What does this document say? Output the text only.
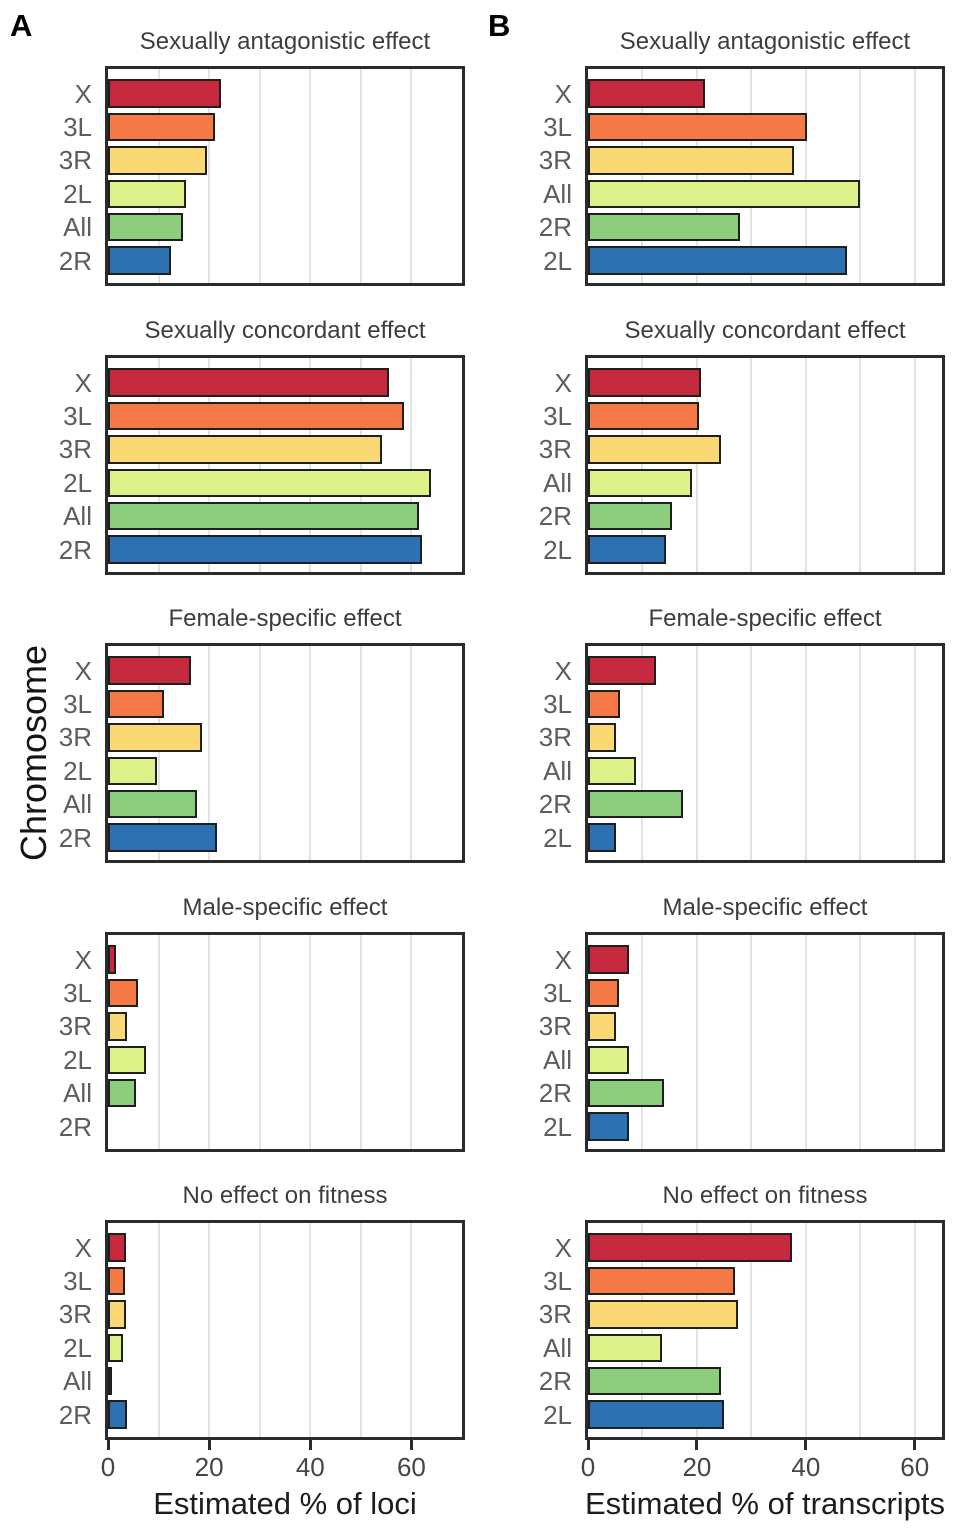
A	B
Chromosome
Sexually antagonistic effect
X
3L
3R
2L
All
2R
Sexually concordant effect
X
3L
3R
2L
All
2R
Female-specific effect
X
3L
3R
2L
All
2R
Male-specific effect
X
3L
3R
2L
All
2R
No effect on fitness
X
3L
3R
2L
All
2R
0	20	40	60
Estimated % of loci
Sexually antagonistic effect
X
3L
3R
All
2R
2L
Sexually concordant effect
X
3L
3R
All
2R
2L
Female-specific effect
X
3L
3R
All
2R
2L
Male-specific effect
X
3L
3R
All
2R
2L
No effect on fitness
X
3L
3R
All
2R
2L
0	20	40	60
Estimated % of transcripts
